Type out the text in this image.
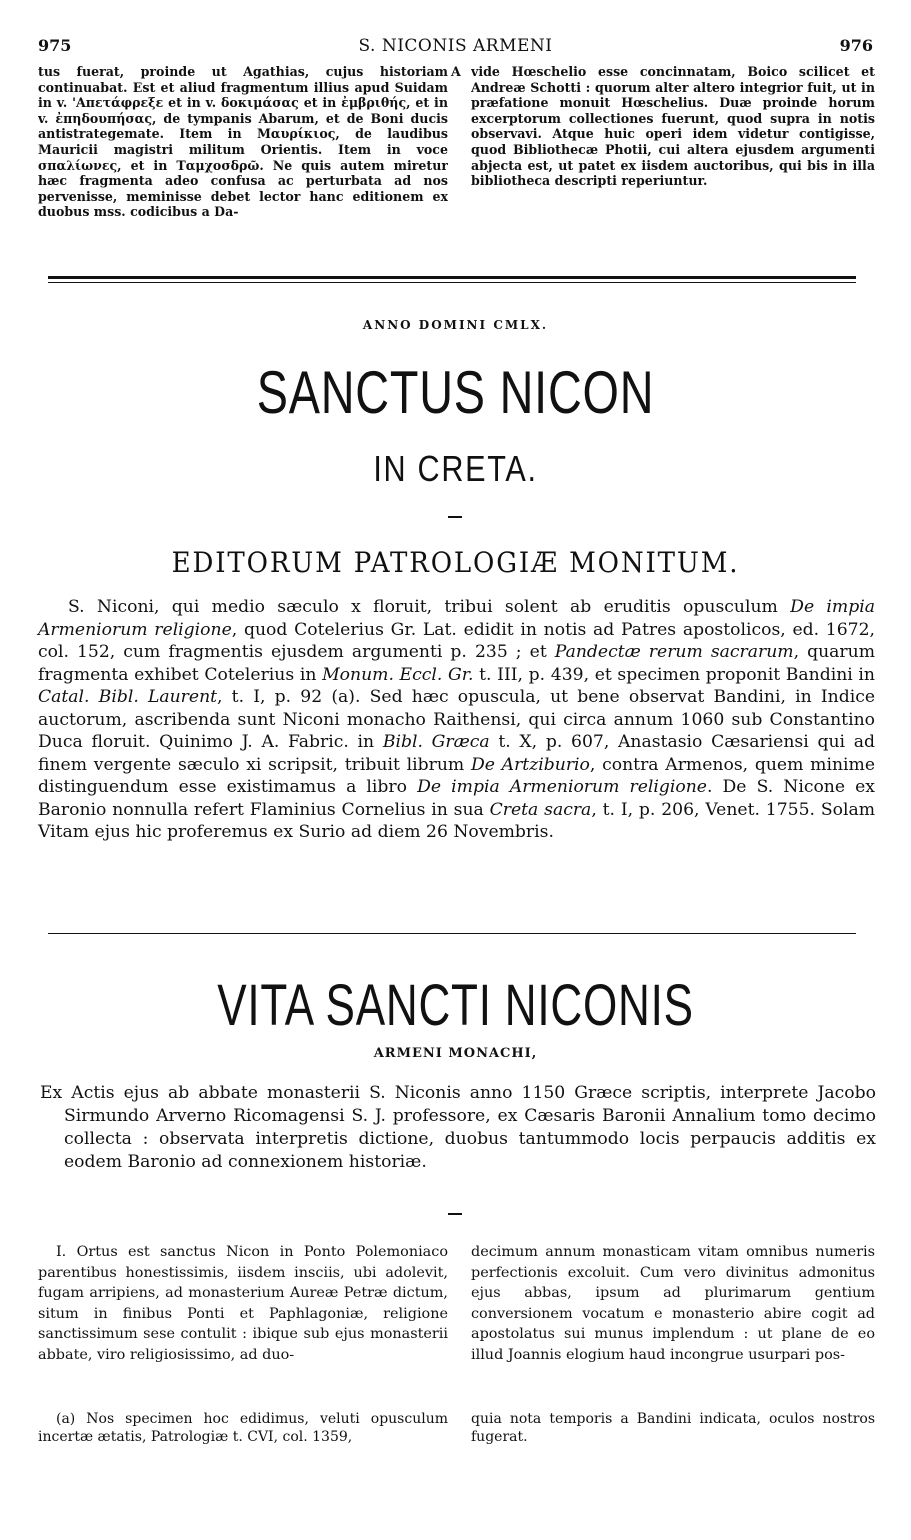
975	S. NICONIS ARMENI	976
tus fuerat, proinde ut Agathias, cujus historiam continuabat. Est et aliud fragmentum illius apud Suidam in v. 'Απετάφρεξε et in v. δοκιμάσας et in ἐμβριθής, et in v. ἐπηδουπήσας, de tympanis Abarum, et de Boni ducis antistrategemate. Item in Μαυρίκιος, de laudibus Mauricii magistri militum Orientis. Item in voce σπαλίωνες, et in Ταμχοσδρῶ. Ne quis autem miretur hæc fragmenta adeo confusa ac perturbata ad nos pervenisse, meminisse debet lector hanc editionem ex duobus mss. codicibus a Da-
A vide Hœschelio esse concinnatam, Boico scilicet et Andreæ Schotti : quorum alter altero integrior fuit, ut in præfatione monuit Hœschelius. Duæ proinde horum excerptorum collectiones fuerunt, quod supra in notis observavi. Atque huic operi idem videtur contigisse, quod Bibliothecæ Photii, cui altera ejusdem argumenti abjecta est, ut patet ex iisdem auctoribus, qui bis in illa bibliotheca descripti reperiuntur.
ANNO DOMINI CMLX.
SANCTUS NICON
IN CRETA.
EDITORUM PATROLOGIÆ MONITUM.

S. Niconi, qui medio sæculo x floruit, tribui solent ab eruditis opusculum De impia Armeniorum religione, quod Cotelerius Gr. Lat. edidit in notis ad Patres apostolicos, ed. 1672, col. 152, cum fragmentis ejusdem argumenti p. 235 ; et Pandectæ rerum sacrarum, quarum fragmenta exhibet Cotelerius in Monum. Eccl. Gr. t. III, p. 439, et specimen proponit Bandini in Catal. Bibl. Laurent, t. I, p. 92 (a). Sed hæc opuscula, ut bene observat Bandini, in Indice auctorum, ascribenda sunt Niconi monacho Raithensi, qui circa annum 1060 sub Constantino Duca floruit. Quinimo J. A. Fabric. in Bibl. Græca t. X, p. 607, Anastasio Cæsariensi qui ad finem vergente sæculo xi scripsit, tribuit librum De Artziburio, contra Armenos, quem minime distinguendum esse existimamus a libro De impia Armeniorum religione. De S. Nicone ex Baronio nonnulla refert Flaminius Cornelius in sua Creta sacra, t. I, p. 206, Venet. 1755. Solam Vitam ejus hic proferemus ex Surio ad diem 26 Novembris.

VITA SANCTI NICONIS
ARMENI MONACHI,

Ex Actis ejus ab abbate monasterii S. Niconis anno 1150 Græce scriptis, interprete Jacobo Sirmundo Arverno Ricomagensi S. J. professore, ex Cæsaris Baronii Annalium tomo decimo collecta : observata interpretis dictione, duobus tantummodo locis perpaucis additis ex eodem Baronio ad connexionem historiæ.

I. Ortus est sanctus Nicon in Ponto Polemoniaco parentibus honestissimis, iisdem insciis, ubi adolevit, fugam arripiens, ad monasterium Aureæ Petræ dictum, situm in finibus Ponti et Paphlagoniæ, religione sanctissimum sese contulit : ibique sub ejus monasterii abbate, viro religiosissimo, ad duo-
decimum annum monasticam vitam omnibus numeris perfectionis excoluit. Cum vero divinitus admonitus ejus abbas, ipsum ad plurimarum gentium conversionem vocatum e monasterio abire cogit ad apostolatus sui munus implendum : ut plane de eo illud Joannis elogium haud incongrue usurpari pos-
(a) Nos specimen hoc edidimus, veluti opusculum incertæ ætatis, Patrologiæ t. CVI, col. 1359,
quia nota temporis a Bandini indicata, oculos nostros fugerat.
